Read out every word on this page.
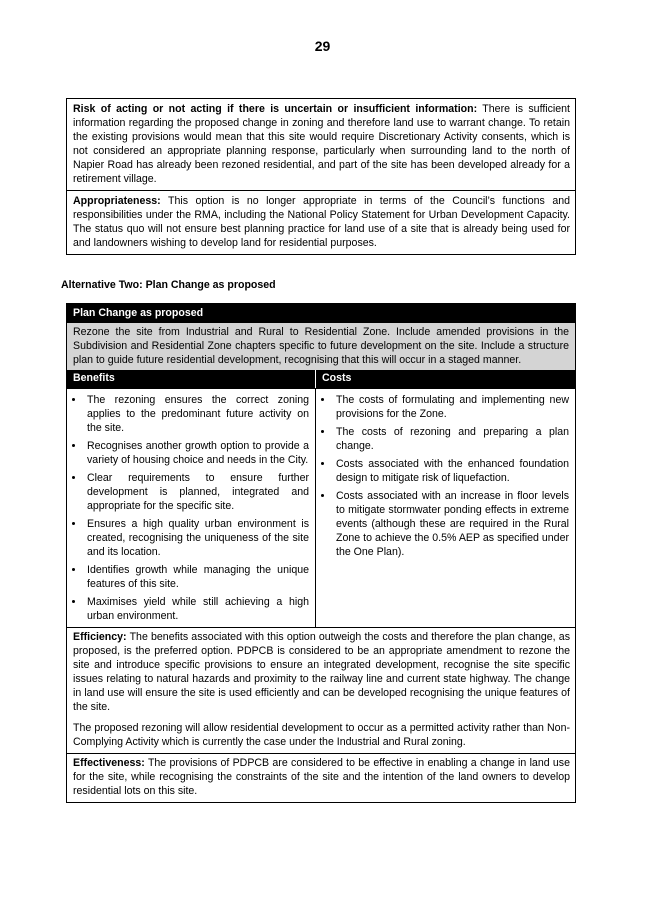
29
Risk of acting or not acting if there is uncertain or insufficient information: There is sufficient information regarding the proposed change in zoning and therefore land use to warrant change. To retain the existing provisions would mean that this site would require Discretionary Activity consents, which is not considered an appropriate planning response, particularly when surrounding land to the north of Napier Road has already been rezoned residential, and part of the site has been developed already for a retirement village.
Appropriateness: This option is no longer appropriate in terms of the Council’s functions and responsibilities under the RMA, including the National Policy Statement for Urban Development Capacity. The status quo will not ensure best planning practice for land use of a site that is already being used for and landowners wishing to develop land for residential purposes.
Alternative Two: Plan Change as proposed
Plan Change as proposed
Rezone the site from Industrial and Rural to Residential Zone. Include amended provisions in the Subdivision and Residential Zone chapters specific to future development on the site. Include a structure plan to guide future residential development, recognising that this will occur in a staged manner.
Benefits	Costs
• The rezoning ensures the correct zoning applies to the predominant future activity on the site.
• Recognises another growth option to provide a variety of housing choice and needs in the City.
• Clear requirements to ensure further development is planned, integrated and appropriate for the specific site.
• Ensures a high quality urban environment is created, recognising the uniqueness of the site and its location.
• Identifies growth while managing the unique features of this site.
• Maximises yield while still achieving a high urban environment.
• The costs of formulating and implementing new provisions for the Zone.
• The costs of rezoning and preparing a plan change.
• Costs associated with the enhanced foundation design to mitigate risk of liquefaction.
• Costs associated with an increase in floor levels to mitigate stormwater ponding effects in extreme events (although these are required in the Rural Zone to achieve the 0.5% AEP as specified under the One Plan).

Efficiency: The benefits associated with this option outweigh the costs and therefore the plan change, as proposed, is the preferred option. PDPCB is considered to be an appropriate amendment to rezone the site and introduce specific provisions to ensure an integrated development, recognise the site specific issues relating to natural hazards and proximity to the railway line and current state highway. The change in land use will ensure the site is used efficiently and can be developed recognising the unique features of the site.

The proposed rezoning will allow residential development to occur as a permitted activity rather than Non-Complying Activity which is currently the case under the Industrial and Rural zoning.

Effectiveness: The provisions of PDPCB are considered to be effective in enabling a change in land use for the site, while recognising the constraints of the site and the intention of the land owners to develop residential lots on this site.
